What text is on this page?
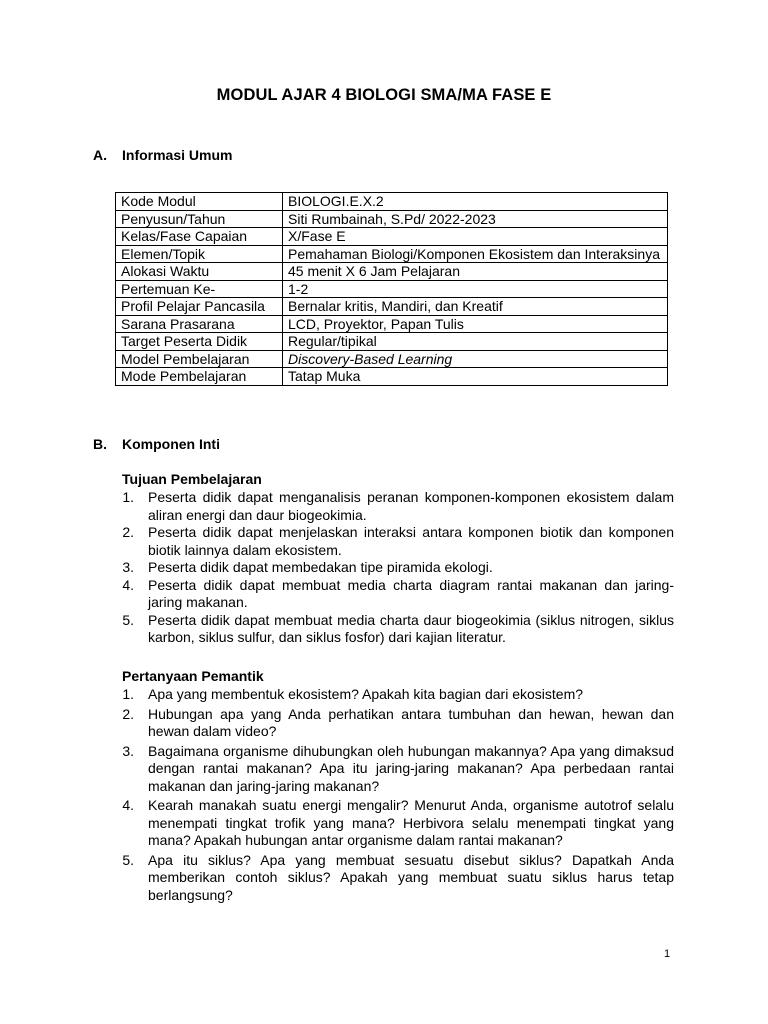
MODUL AJAR 4 BIOLOGI SMA/MA FASE E
A. Informasi Umum
Kode Modul	BIOLOGI.E.X.2
Penyusun/Tahun	Siti Rumbainah, S.Pd/ 2022-2023
Kelas/Fase Capaian	X/Fase E
Elemen/Topik	Pemahaman Biologi/Komponen Ekosistem dan Interaksinya
Alokasi Waktu	45 menit X 6 Jam Pelajaran
Pertemuan Ke-	1-2
Profil Pelajar Pancasila	Bernalar kritis, Mandiri, dan Kreatif
Sarana Prasarana	LCD, Proyektor, Papan Tulis
Target Peserta Didik	Regular/tipikal
Model Pembelajaran	Discovery-Based Learning
Mode Pembelajaran	Tatap Muka
B. Komponen Inti
Tujuan Pembelajaran
1. Peserta didik dapat menganalisis peranan komponen-komponen ekosistem dalam aliran energi dan daur biogeokimia.
2. Peserta didik dapat menjelaskan interaksi antara komponen biotik dan komponen biotik lainnya dalam ekosistem.
3. Peserta didik dapat membedakan tipe piramida ekologi.
4. Peserta didik dapat membuat media charta diagram rantai makanan dan jaring-jaring makanan.
5. Peserta didik dapat membuat media charta daur biogeokimia (siklus nitrogen, siklus karbon, siklus sulfur, dan siklus fosfor) dari kajian literatur.
Pertanyaan Pemantik
1. Apa yang membentuk ekosistem? Apakah kita bagian dari ekosistem?
2. Hubungan apa yang Anda perhatikan antara tumbuhan dan hewan, hewan dan hewan dalam video?
3. Bagaimana organisme dihubungkan oleh hubungan makannya? Apa yang dimaksud dengan rantai makanan? Apa itu jaring-jaring makanan? Apa perbedaan rantai makanan dan jaring-jaring makanan?
4. Kearah manakah suatu energi mengalir? Menurut Anda, organisme autotrof selalu menempati tingkat trofik yang mana? Herbivora selalu menempati tingkat yang mana? Apakah hubungan antar organisme dalam rantai makanan?
5. Apa itu siklus? Apa yang membuat sesuatu disebut siklus? Dapatkah Anda memberikan contoh siklus? Apakah yang membuat suatu siklus harus tetap berlangsung?
1
